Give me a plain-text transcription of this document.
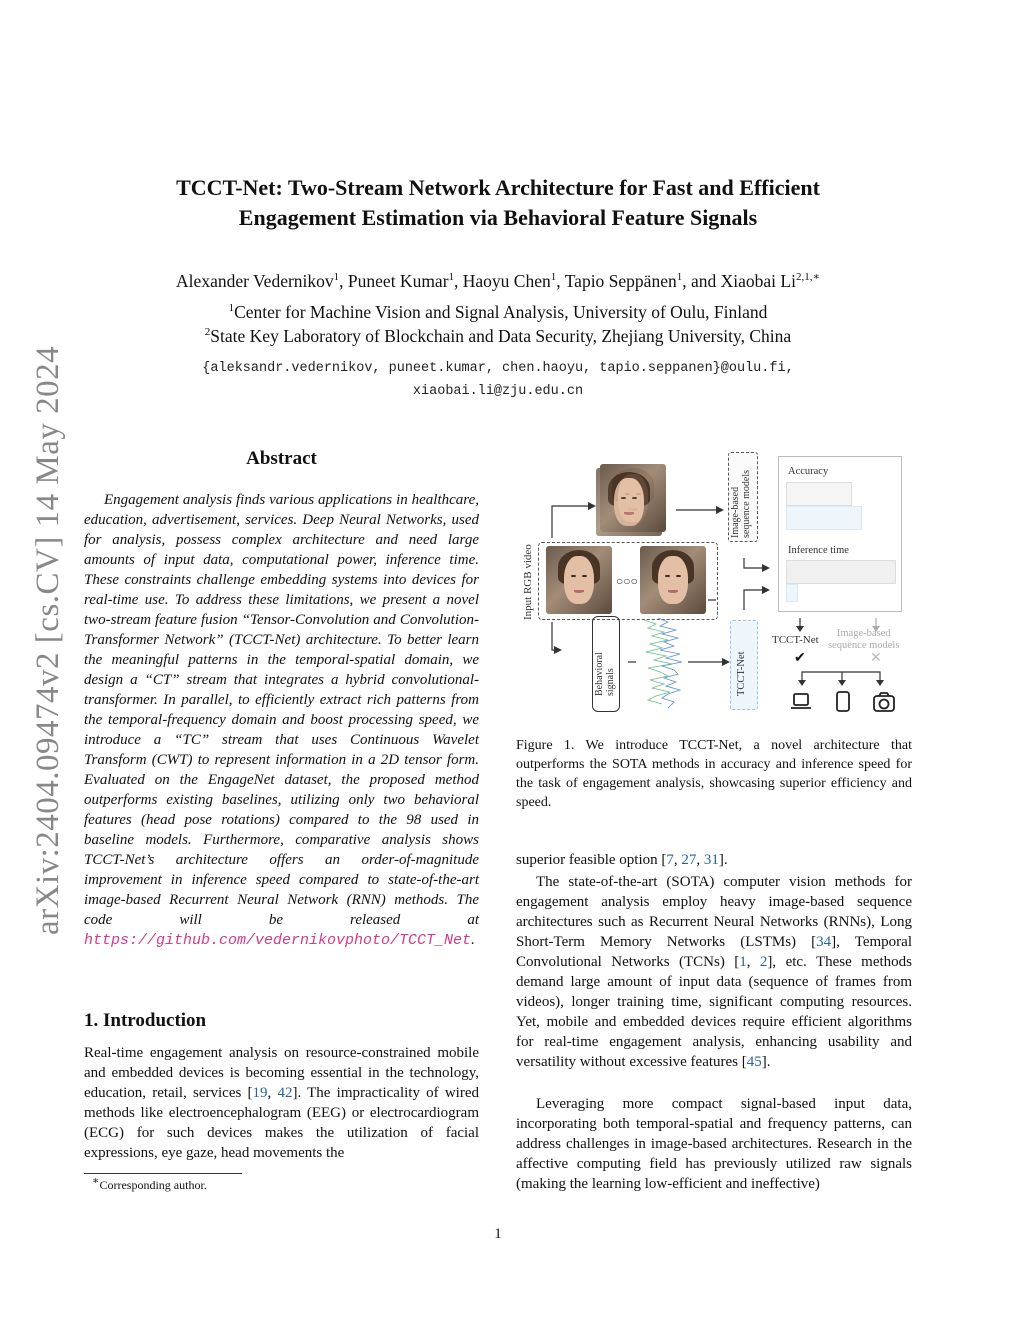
TCCT-Net: Two-Stream Network Architecture for Fast and Efficient
Engagement Estimation via Behavioral Feature Signals
Alexander Vedernikov$^1$, Puneet Kumar$^1$, Haoyu Chen$^1$, Tapio Seppänen$^1$, and Xiaobai $Li^{2,1,∗}$
$^1$Center for Machine Vision and Signal Analysis, University of Oulu, Finland
$^2$State Key Laboratory of Blockchain and Data Security, Zhejiang University, China
{aleksandr.vedernikov, puneet.kumar, chen.haoyu, tapio.seppanen}@oulu.fi,
xiaobai.li@zju.edu.cn
arXiv:2404.09474v2 [cs.CV] 14 May 2024	Abstract
Engagement analysis finds various applications in healthcare, education, advertisement, services. Deep Neural Networks, used for analysis, possess complex architecture and need large amounts of input data, computational power, inference time. These constraints challenge embedding systems into devices for real-time use. To address these limitations, we present a novel two-stream feature fusion “Tensor-Convolution and Convolution-Transformer Network” (TCCT-Net) architecture. To better learn the meaningful patterns in the temporal-spatial domain, we design a “CT” stream that integrates a hybrid convolutional-transformer. In parallel, to efficiently extract rich patterns from the temporal-frequency domain and boost processing speed, we introduce a “TC” stream that uses Continuous Wavelet Transform (CWT) to represent information in a 2D tensor form. Evaluated on the EngageNet dataset, the proposed method outperforms existing baselines, utilizing only two behavioral features (head pose rotations) compared to the 98 used in baseline models. Furthermore, comparative analysis shows TCCT-Net’s architecture offers an order-of-magnitude improvement in inference speed compared to state-of-the-art image-based Recurrent Neural Network (RNN) methods. The code will be released at https://github.com/vedernikovphoto/TCCT_Net.
1. Introduction
Real-time engagement analysis on resource-constrained mobile and embedded devices is becoming essential in the technology, education, retail, services [19, 42]. The impracticality of wired methods like electroencephalogram (EEG) or electrocardiogram (ECG) for such devices makes the utilization of facial expressions, eye gaze, head movements the
∗Corresponding author.
Input RGB video	○○○
Image-based sequence models
Behavioral signals	TCCT-Net
Accuracy
Inference time
TCCT-Net
Image-based
sequence models
✔	✕
Figure 1. We introduce TCCT-Net, a novel architecture that outperforms the SOTA methods in accuracy and inference speed for the task of engagement analysis, showcasing superior efficiency and speed.
superior feasible option [7, 27, 31].
The state-of-the-art (SOTA) computer vision methods for engagement analysis employ heavy image-based sequence architectures such as Recurrent Neural Networks (RNNs), Long Short-Term Memory Networks (LSTMs) [34], Temporal Convolutional Networks (TCNs) [1, 2], etc. These methods demand large amount of input data (sequence of frames from videos), longer training time, significant computing resources. Yet, mobile and embedded devices require efficient algorithms for real-time engagement analysis, enhancing usability and versatility without excessive features [45].
Leveraging more compact signal-based input data, incorporating both temporal-spatial and frequency patterns, can address challenges in image-based architectures. Research in the affective computing field has previously utilized raw signals (making the learning low-efficient and ineffective)
1
